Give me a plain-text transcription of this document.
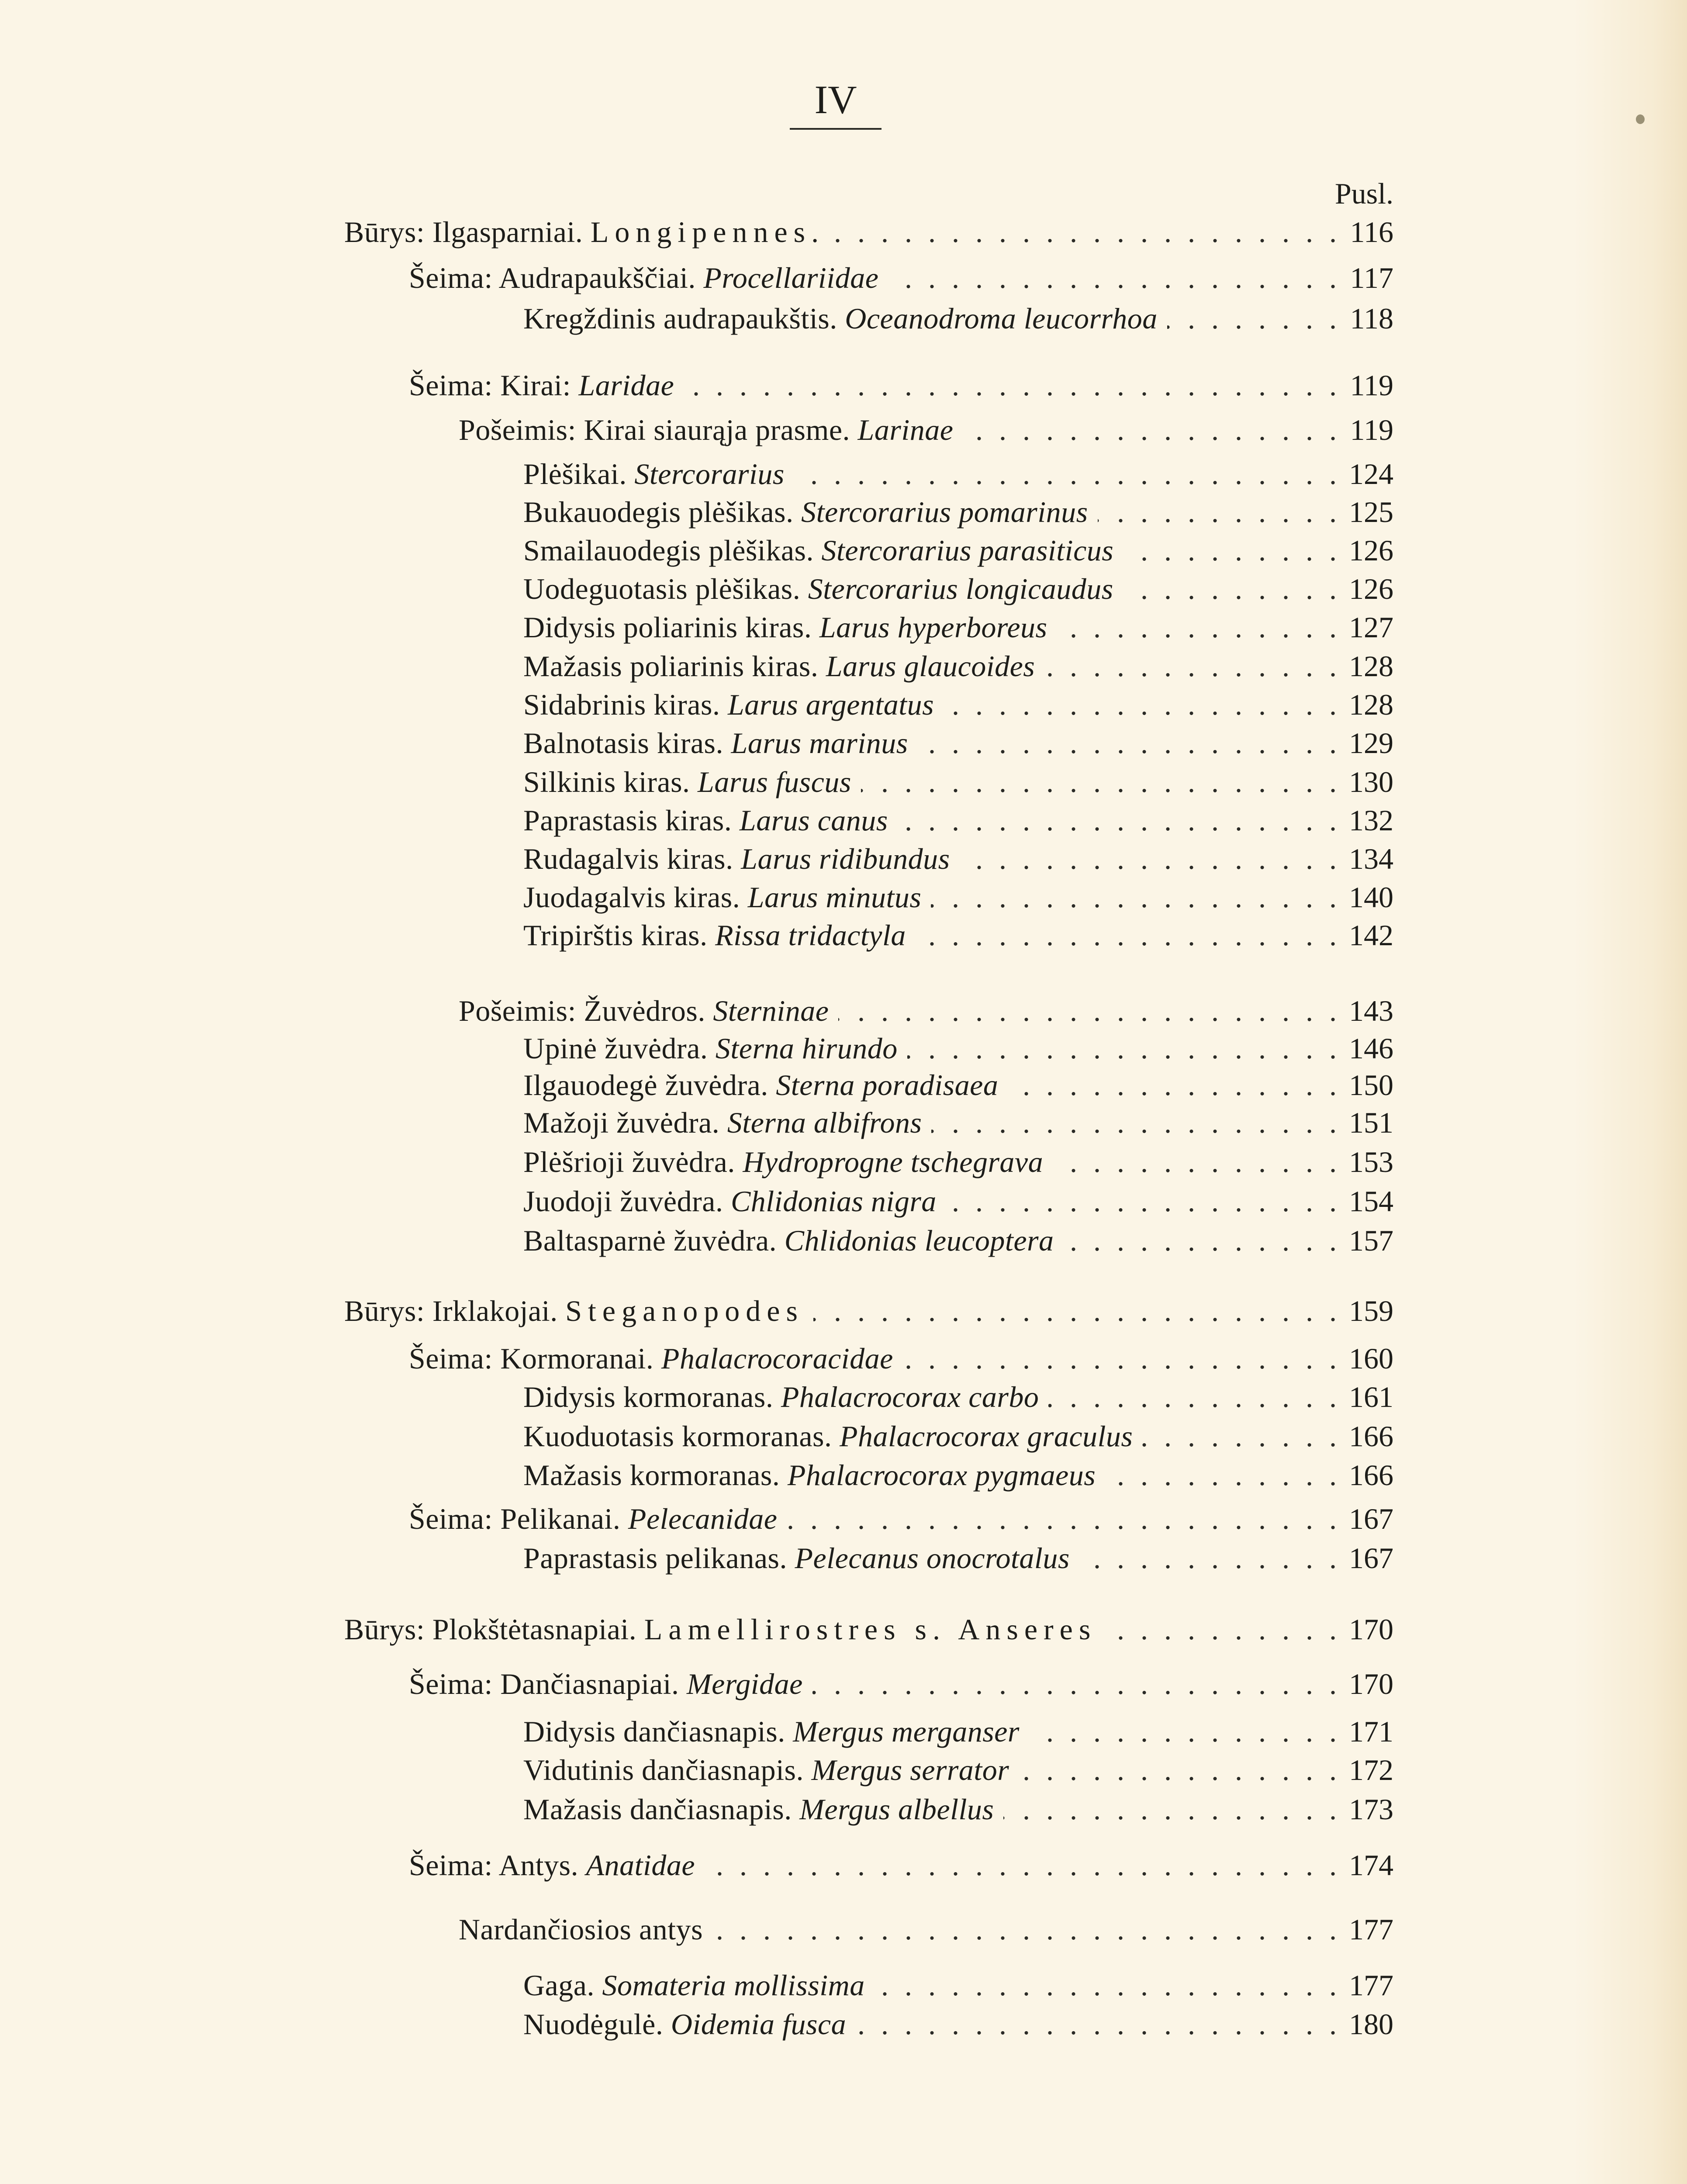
IV
Pusl.
Būrys: Ilgasparniai. Longipennes. . . .	116
Šeima: Audrapaukščiai. Procellariidae . . .	117
Kregždinis audrapaukštis. Oceanodroma leucorrhoa . . .	118
Šeima: Kirai: Laridae . . .	119
Pošeimis: Kirai siaurąja prasme. Larinae . . .	119
Plėšikai. Stercorarius . . .	124
Bukauodegis plėšikas. Stercorarius pomarinus . . .	125
Smailauodegis plėšikas. Stercorarius parasiticus . . .	126
Uodeguotasis plėšikas. Stercorarius longicaudus . . .	126
Didysis poliarinis kiras. Larus hyperboreus . . .	127
Mažasis poliarinis kiras. Larus glaucoides . . .	128
Sidabrinis kiras. Larus argentatus . . .	128
Balnotasis kiras. Larus marinus . . .	129
Silkinis kiras. Larus fuscus . . .	130
Paprastasis kiras. Larus canus . . .	132
Rudagalvis kiras. Larus ridibundus . . .	134
Juodagalvis kiras. Larus minutus . . .	140
Tripirštis kiras. Rissa tridactyla . . .	142
Pošeimis: Žuvėdros. Sterninae . . .	143
Upinė žuvėdra. Sterna hirundo . . .	146
Ilgauodegė žuvėdra. Sterna poradisaea . . .	150
Mažoji žuvėdra. Sterna albifrons . . .	151
Plėšrioji žuvėdra. Hydroprogne tschegrava . . .	153
Juodoji žuvėdra. Chlidonias nigra . . .	154
Baltasparnė žuvėdra. Chlidonias leucoptera . . .	157
Būrys: Irklakojai. Steganopodes . . .	159
Šeima: Kormoranai. Phalacrocoracidae . . .	160
Didysis kormoranas. Phalacrocorax carbo . . .	161
Kuoduotasis kormoranas. Phalacrocorax graculus . . .	166
Mažasis kormoranas. Phalacrocorax pygmaeus . . .	166
Šeima: Pelikanai. Pelecanidae . . .	167
Paprastasis pelikanas. Pelecanus onocrotalus . . .	167
Būrys: Plokštėtasnapiai. Lamellirostres s. Anseres . . .	170
Šeima: Dančiasnapiai. Mergidae . . .	170
Didysis dančiasnapis. Mergus merganser . . .	171
Vidutinis dančiasnapis. Mergus serrator . . .	172
Mažasis dančiasnapis. Mergus albellus . . .	173
Šeima: Antys. Anatidae . . .	174
Nardančiosios antys . . .	177
Gaga. Somateria mollissima . . .	177
Nuodėgulė. Oidemia fusca . . .	180
